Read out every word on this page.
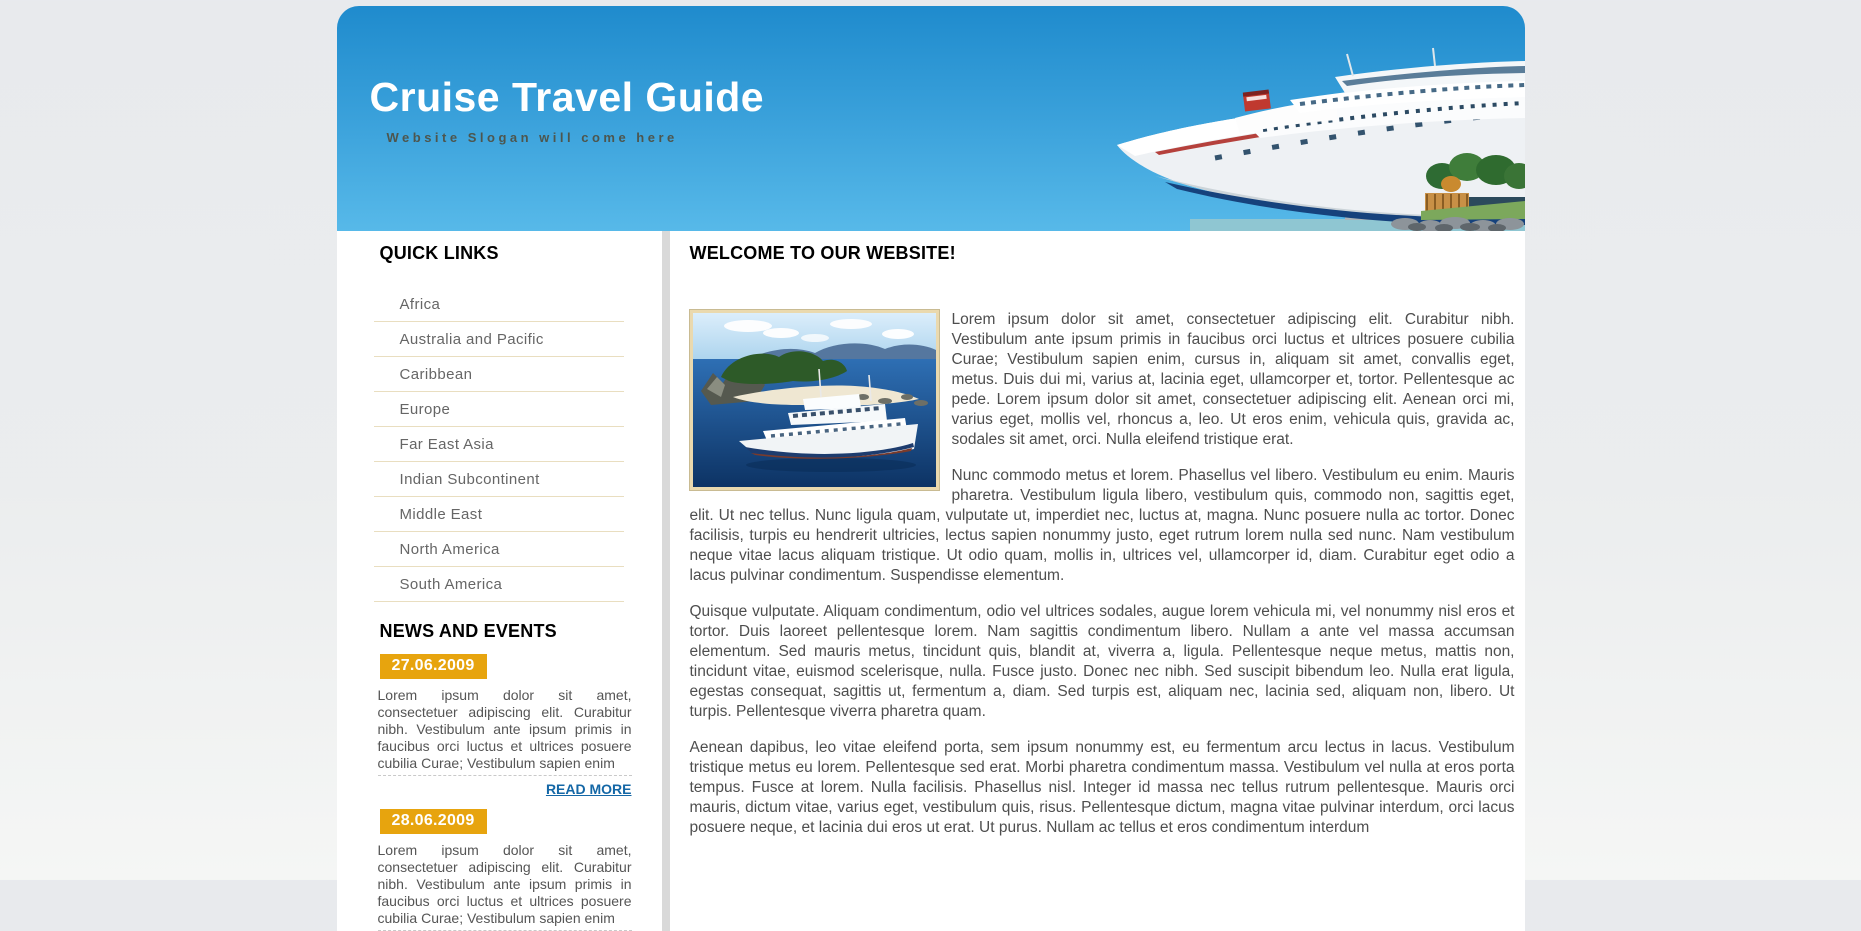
Cruise Travel Guide

Website Slogan will come here

QUICK LINKS
Africa
Australia and Pacific
Caribbean
Europe
Far East Asia
Indian Subcontinent
Middle East
North America
South America
NEWS AND EVENTS
27.06.2009

Lorem ipsum dolor sit amet, consectetuer adipiscing elit. Curabitur nibh. Vestibulum ante ipsum primis in faucibus orci luctus et ultrices posuere cubilia Curae; Vestibulum sapien enim

READ MORE
28.06.2009

Lorem ipsum dolor sit amet, consectetuer adipiscing elit. Curabitur nibh. Vestibulum ante ipsum primis in faucibus orci luctus et ultrices posuere cubilia Curae; Vestibulum sapien enim

WELCOME TO OUR WEBSITE!

Lorem ipsum dolor sit amet, consectetuer adipiscing elit. Curabitur nibh. Vestibulum ante ipsum primis in faucibus orci luctus et ultrices posuere cubilia Curae; Vestibulum sapien enim, cursus in, aliquam sit amet, convallis eget, metus. Duis dui mi, varius at, lacinia eget, ullamcorper et, tortor. Pellentesque ac pede. Lorem ipsum dolor sit amet, consectetuer adipiscing elit. Aenean orci mi, varius eget, mollis vel, rhoncus a, leo. Ut eros enim, vehicula quis, gravida ac, sodales sit amet, orci. Nulla eleifend tristique erat.

Nunc commodo metus et lorem. Phasellus vel libero. Vestibulum eu enim. Mauris pharetra. Vestibulum ligula libero, vestibulum quis, commodo non, sagittis eget, elit. Ut nec tellus. Nunc ligula quam, vulputate ut, imperdiet nec, luctus at, magna. Nunc posuere nulla ac tortor. Donec facilisis, turpis eu hendrerit ultricies, lectus sapien nonummy justo, eget rutrum lorem nulla sed nunc. Nam vestibulum neque vitae lacus aliquam tristique. Ut odio quam, mollis in, ultrices vel, ullamcorper id, diam. Curabitur eget odio a lacus pulvinar condimentum. Suspendisse elementum.

Quisque vulputate. Aliquam condimentum, odio vel ultrices sodales, augue lorem vehicula mi, vel nonummy nisl eros et tortor. Duis laoreet pellentesque lorem. Nam sagittis condimentum libero. Nullam a ante vel massa accumsan elementum. Sed mauris metus, tincidunt quis, blandit at, viverra a, ligula. Pellentesque neque metus, mattis non, tincidunt vitae, euismod scelerisque, nulla. Fusce justo. Donec nec nibh. Sed suscipit bibendum leo. Nulla erat ligula, egestas consequat, sagittis ut, fermentum a, diam. Sed turpis est, aliquam nec, lacinia sed, aliquam non, libero. Ut turpis. Pellentesque viverra pharetra quam.

Aenean dapibus, leo vitae eleifend porta, sem ipsum nonummy est, eu fermentum arcu lectus in lacus. Vestibulum tristique metus eu lorem. Pellentesque sed erat. Morbi pharetra condimentum massa. Vestibulum vel nulla at eros porta tempus. Fusce at lorem. Nulla facilisis. Phasellus nisl. Integer id massa nec tellus rutrum pellentesque. Mauris orci mauris, dictum vitae, varius eget, vestibulum quis, risus. Pellentesque dictum, magna vitae pulvinar interdum, orci lacus posuere neque, et lacinia dui eros ut erat. Ut purus. Nullam ac tellus et eros condimentum interdum
